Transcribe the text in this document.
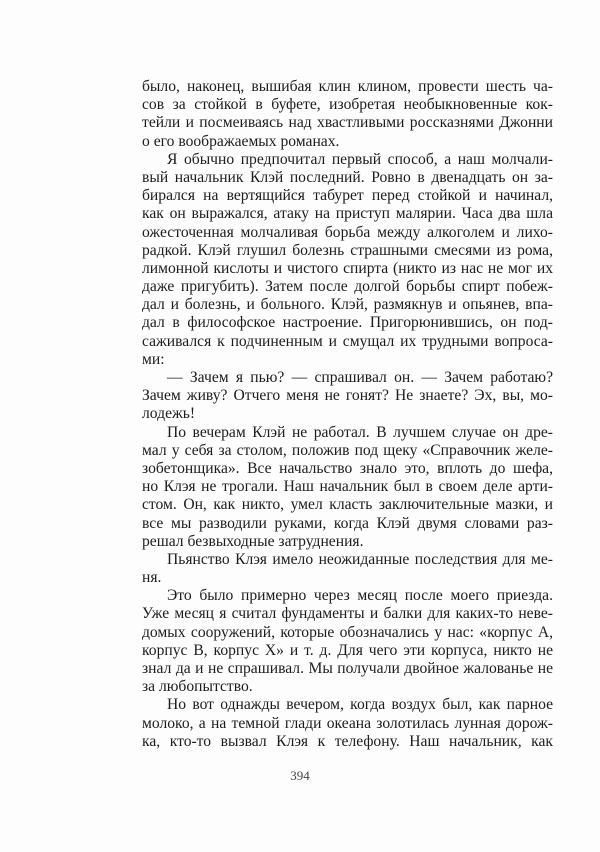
было, наконец, вышибая клин клином, провести шесть ча-
сов за стойкой в буфете, изобретая необыкновенные кок-
тейли и посмеиваясь над хвастливыми россказнями Джонни
о его воображаемых романах.
Я обычно предпочитал первый способ, а наш молчали-
вый начальник Клэй последний. Ровно в двенадцать он за-
бирался на вертящийся табурет перед стойкой и начинал,
как он выражался, атаку на приступ малярии. Часа два шла
ожесточенная молчаливая борьба между алкоголем и лихо-
радкой. Клэй глушил болезнь страшными смесями из рома,
лимонной кислоты и чистого спирта (никто из нас не мог их
даже пригубить). Затем после долгой борьбы спирт побеж-
дал и болезнь, и больного. Клэй, размякнув и опьянев, впа-
дал в философское настроение. Пригорюнившись, он под-
саживался к подчиненным и смущал их трудными вопроса-
ми:
— Зачем я пью? — спрашивал он. — Зачем работаю?
Зачем живу? Отчего меня не гонят? Не знаете? Эх, вы, мо-
лодежь!
По вечерам Клэй не работал. В лучшем случае он дре-
мал у себя за столом, положив под щеку «Справочник желе-
зобетонщика». Все начальство знало это, вплоть до шефа,
но Клэя не трогали. Наш начальник был в своем деле арти-
стом. Он, как никто, умел класть заключительные мазки, и
все мы разводили руками, когда Клэй двумя словами раз-
решал безвыходные затруднения.
Пьянство Клэя имело неожиданные последствия для ме-
ня.
Это было примерно через месяц после моего приезда.
Уже месяц я считал фундаменты и балки для каких-то неве-
домых сооружений, которые обозначались у нас: «корпус А,
корпус В, корпус Х» и т. д. Для чего эти корпуса, никто не
знал да и не спрашивал. Мы получали двойное жалованье не
за любопытство.
Но вот однажды вечером, когда воздух был, как парное
молоко, а на темной глади океана золотилась лунная дорож-
ка, кто-то вызвал Клэя к телефону. Наш начальник, как
394
